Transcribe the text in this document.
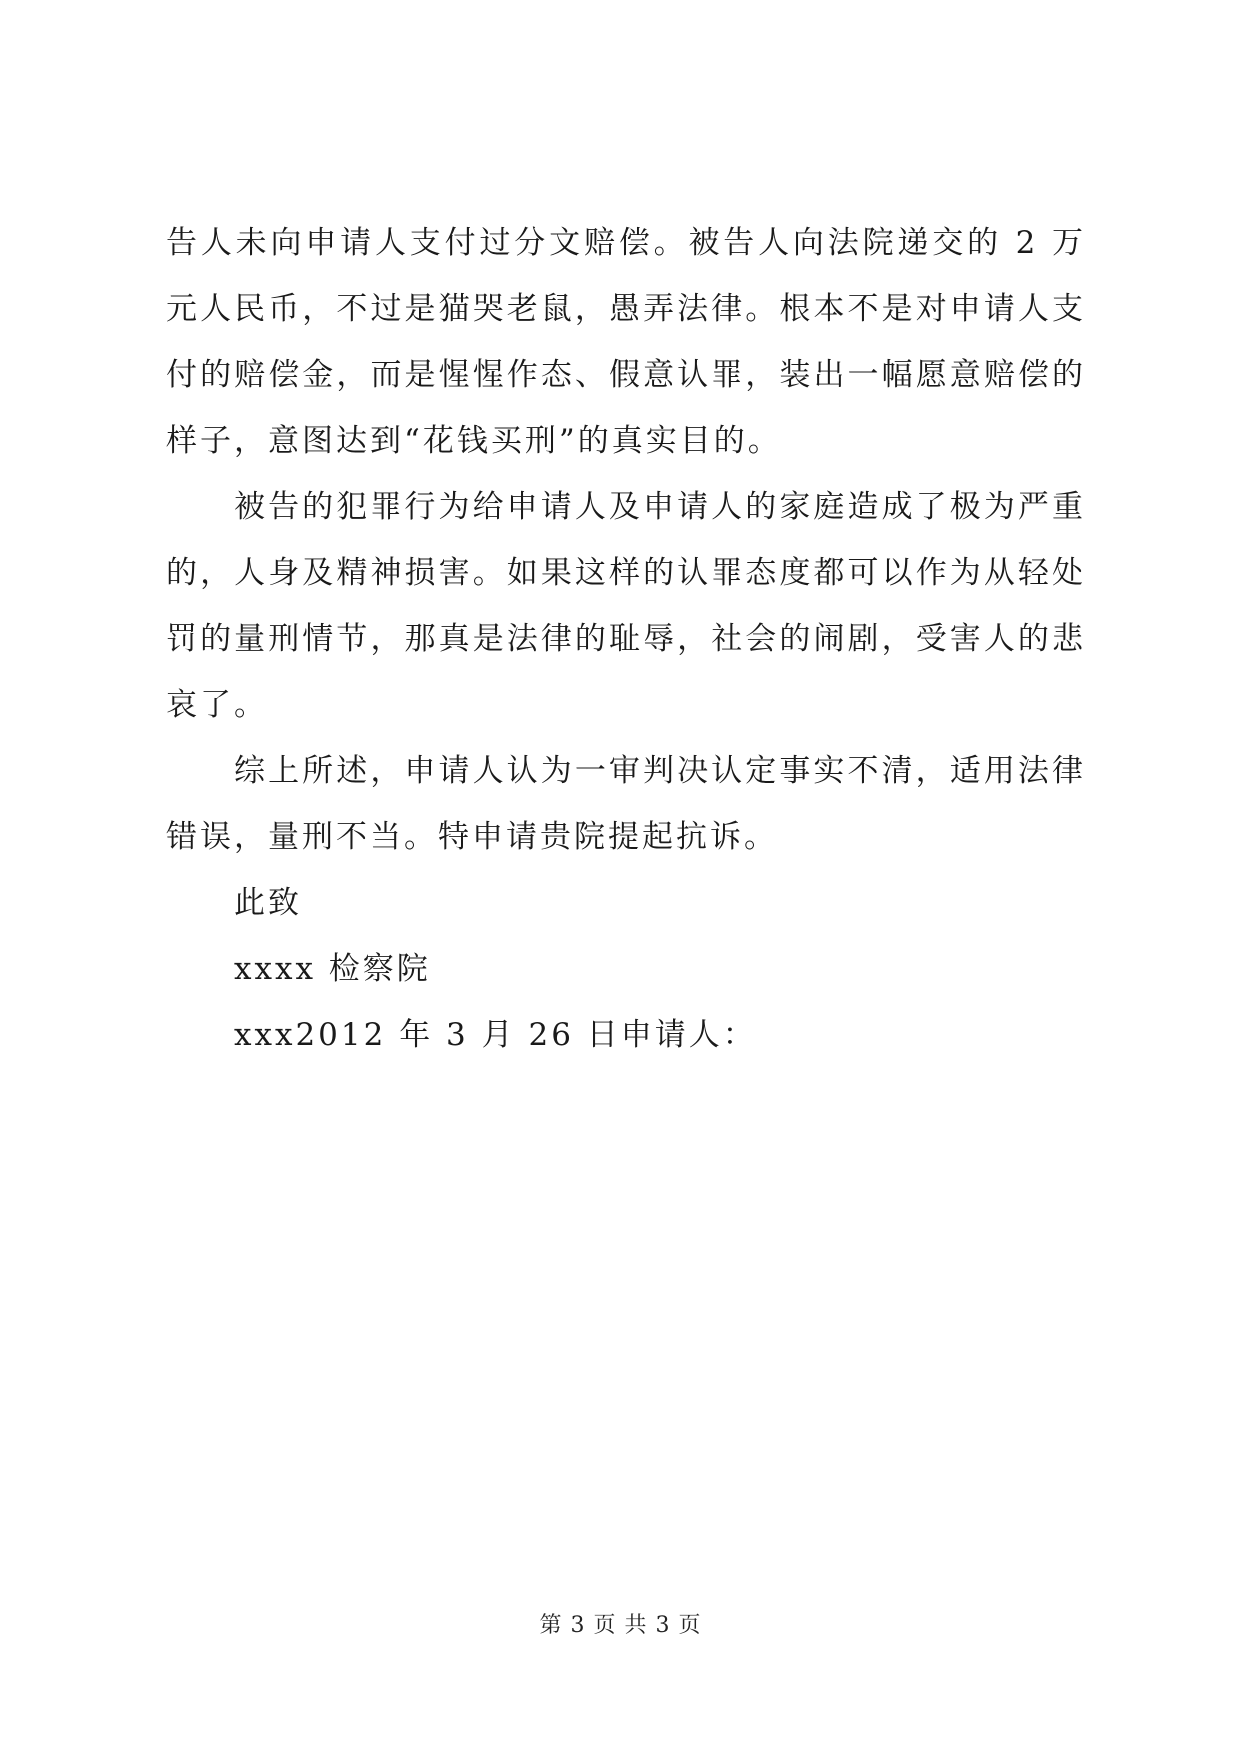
告人未向申请人支付过分文赔偿。被告人向法院递交的 2 万元人民币，不过是猫哭老鼠，愚弄法律。根本不是对申请人支付的赔偿金，而是惺惺作态、假意认罪，装出一幅愿意赔偿的样子，意图达到“花钱买刑”的真实目的。

被告的犯罪行为给申请人及申请人的家庭造成了极为严重的，人身及精神损害。如果这样的认罪态度都可以作为从轻处罚的量刑情节，那真是法律的耻辱，社会的闹剧，受害人的悲哀了。

综上所述，申请人认为一审判决认定事实不清，适用法律错误，量刑不当。特申请贵院提起抗诉。

此致
xxxx 检察院
xxx2012 年 3 月 26 日申请人：
第 3 页 共 3 页
